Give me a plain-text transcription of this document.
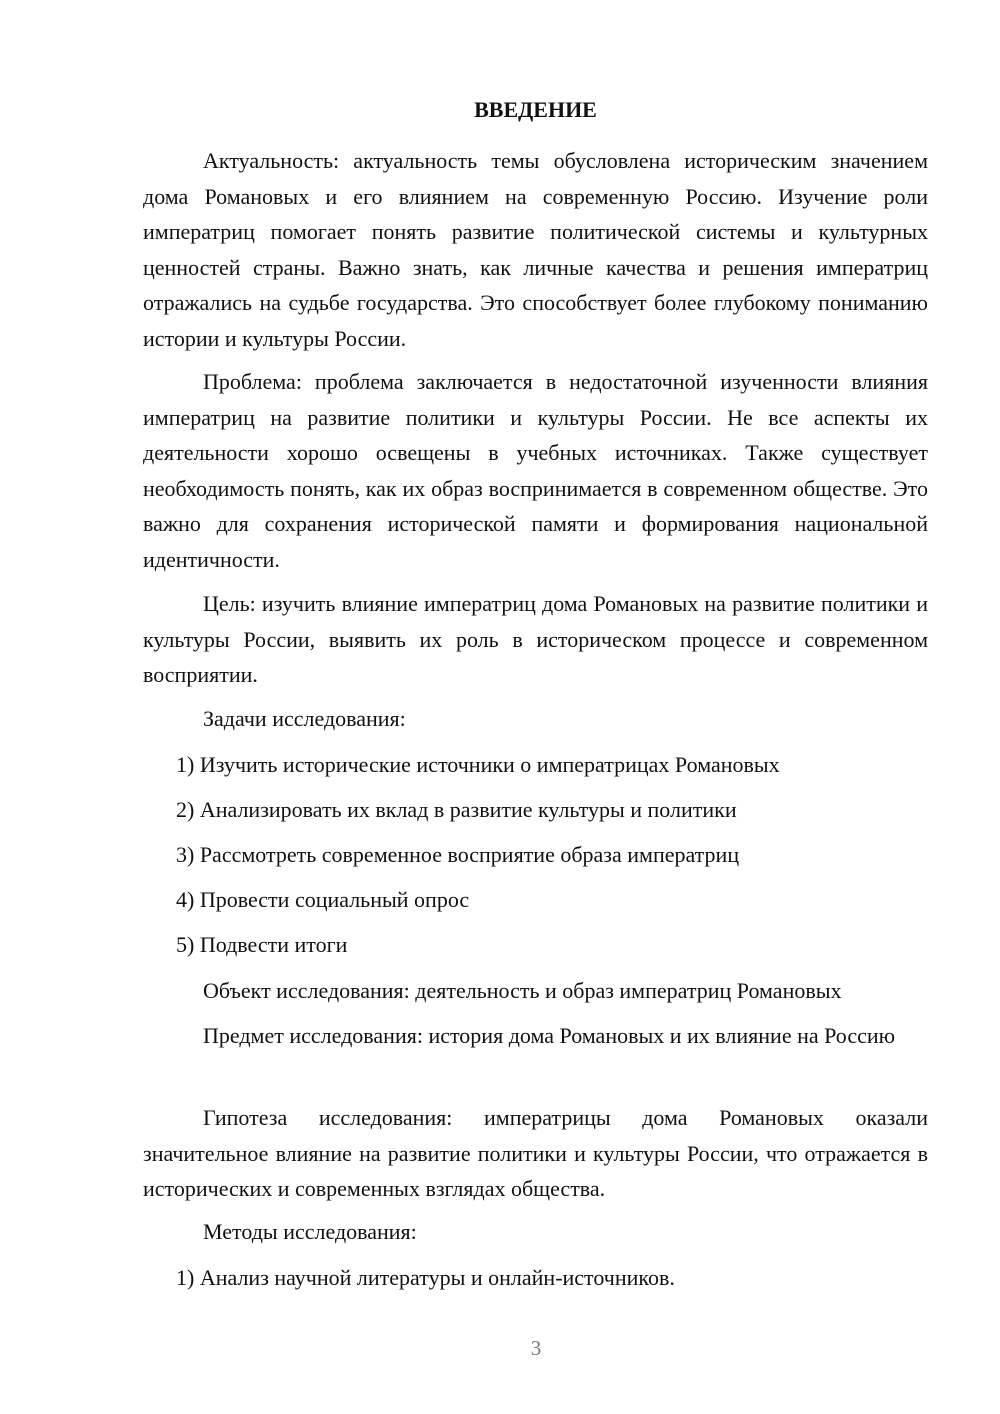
ВВЕДЕНИЕ

Актуальность: актуальность темы обусловлена историческим значением дома Романовых и его влиянием на современную Россию. Изучение роли императриц помогает понять развитие политической системы и культурных ценностей страны. Важно знать, как личные качества и решения императриц отражались на судьбе государства. Это способствует более глубокому пониманию истории и культуры России.

Проблема: проблема заключается в недостаточной изученности влияния императриц на развитие политики и культуры России. Не все аспекты их деятельности хорошо освещены в учебных источниках. Также существует необходимость понять, как их образ воспринимается в современном обществе. Это важно для сохранения исторической памяти и формирования национальной идентичности.

Цель: изучить влияние императриц дома Романовых на развитие политики и культуры России, выявить их роль в историческом процессе и современном восприятии.

Задачи исследования:

1) Изучить исторические источники о императрицах Романовых

2) Анализировать их вклад в развитие культуры и политики

3) Рассмотреть современное восприятие образа императриц

4) Провести социальный опрос

5) Подвести итоги

Объект исследования: деятельность и образ императриц Романовых

Предмет исследования: история дома Романовых и их влияние на Россию

Гипотеза исследования: императрицы дома Романовых оказали значительное влияние на развитие политики и культуры России, что отражается в исторических и современных взглядах общества.

Методы исследования:

1) Анализ научной литературы и онлайн-источников.

3
